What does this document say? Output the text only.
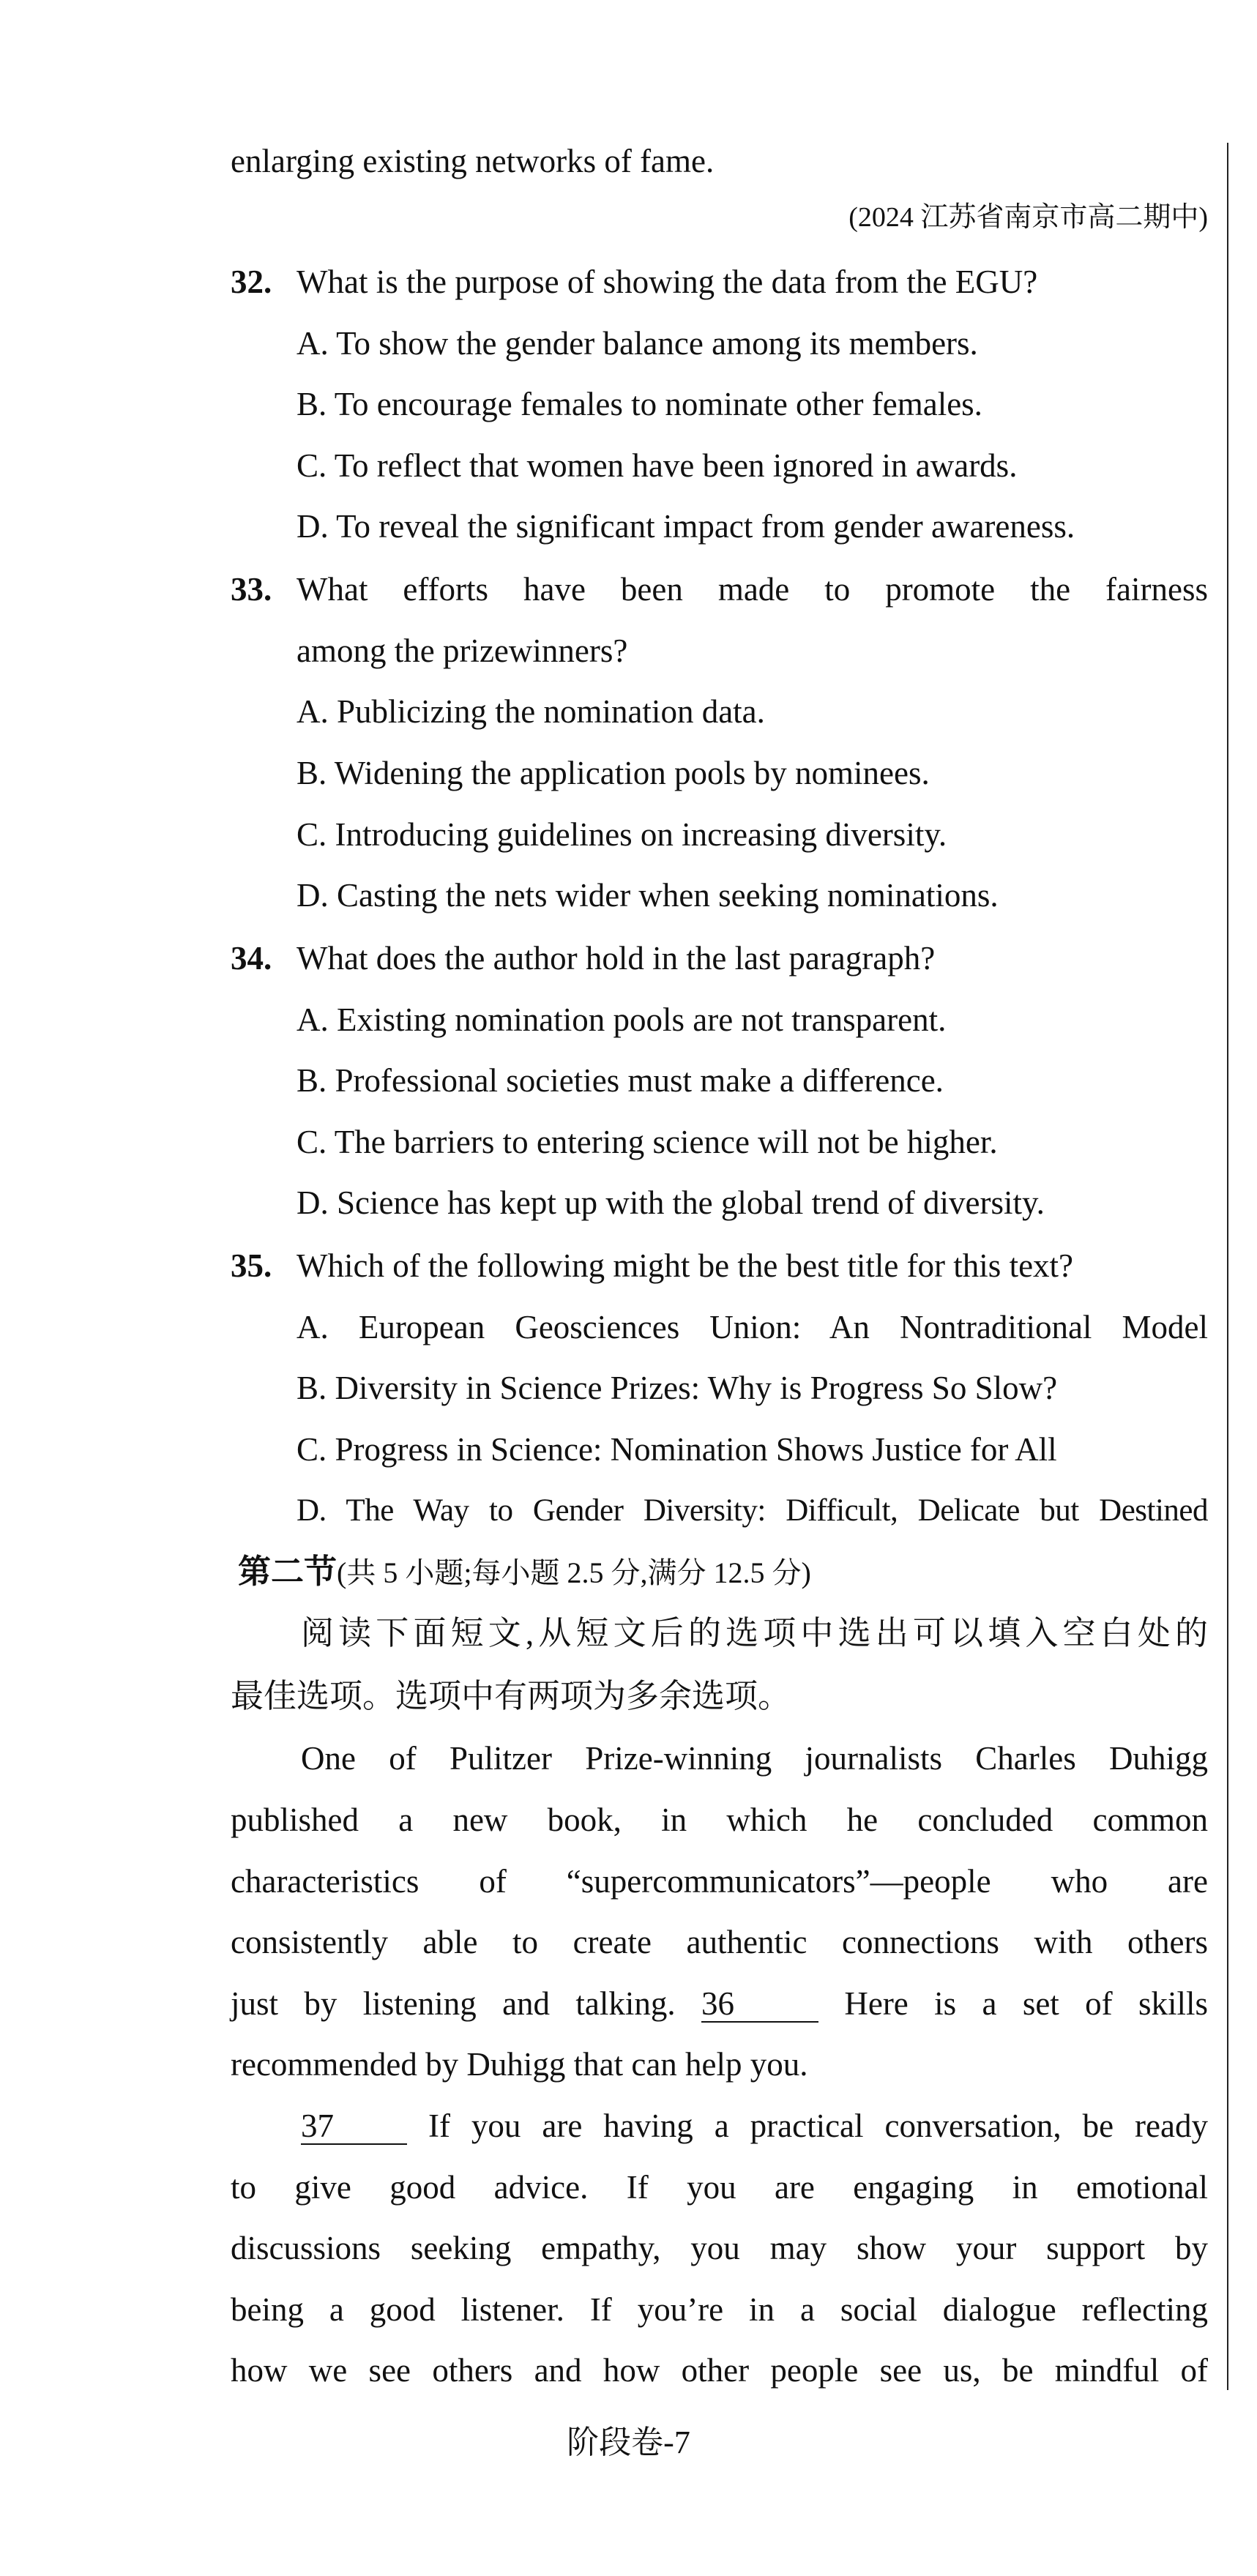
enlarging existing networks of fame.
(2024 江苏省南京市高二期中)
32. What is the purpose of showing the data from the EGU?
A. To show the gender balance among its members.
B. To encourage females to nominate other females.
C. To reflect that women have been ignored in awards.
D. To reveal the significant impact from gender awareness.
33. What efforts have been made to promote the fairness
among the prizewinners?
A. Publicizing the nomination data.
B. Widening the application pools by nominees.
C. Introducing guidelines on increasing diversity.
D. Casting the nets wider when seeking nominations.
34. What does the author hold in the last paragraph?
A. Existing nomination pools are not transparent.
B. Professional societies must make a difference.
C. The barriers to entering science will not be higher.
D. Science has kept up with the global trend of diversity.
35. Which of the following might be the best title for this text?
A. European Geosciences Union: An Nontraditional Model
B. Diversity in Science Prizes: Why is Progress So Slow?
C. Progress in Science: Nomination Shows Justice for All
D. The Way to Gender Diversity: Difficult, Delicate but Destined
第二节(共 5 小题;每小题 2.5 分,满分 12.5 分)
阅读下面短文,从短文后的选项中选出可以填入空白处的
最佳选项。选项中有两项为多余选项。
One of Pulitzer Prize-winning journalists Charles Duhigg
published a new book, in which he concluded common
characteristics of “supercommunicators”—people who are
consistently able to create authentic connections with others
just by listening and talking. 36	Here is a set of skills
recommended by Duhigg that can help you.
37	If you are having a practical conversation, be ready
to give good advice. If you are engaging in emotional
discussions seeking empathy, you may show your support by
being a good listener. If you’re in a social dialogue reflecting
how we see others and how other people see us, be mindful of
阶段卷-7
